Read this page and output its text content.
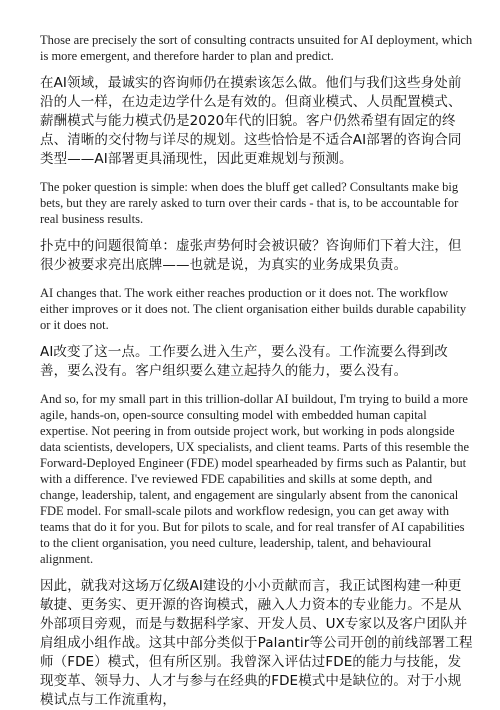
Those are precisely the sort of consulting contracts unsuited for AI deployment, which is more emergent, and therefore harder to plan and predict.

在AI领域，最诚实的咨询师仍在摸索该怎么做。他们与我们这些身处前沿的人一样，在边走边学什么是有效的。但商业模式、人员配置模式、薪酬模式与能力模式仍是2020年代的旧貌。客户仍然希望有固定的终点、清晰的交付物与详尽的规划。这些恰恰是不适合AI部署的咨询合同类型——AI部署更具涌现性，因此更难规划与预测。

The poker question is simple: when does the bluff get called? Consultants make big bets, but they are rarely asked to turn over their cards - that is, to be accountable for real business results.

扑克中的问题很简单：虚张声势何时会被识破？咨询师们下着大注，但很少被要求亮出底牌——也就是说，为真实的业务成果负责。

AI changes that. The work either reaches production or it does not. The workflow either improves or it does not. The client organisation either builds durable capability or it does not.

AI改变了这一点。工作要么进入生产，要么没有。工作流要么得到改善，要么没有。客户组织要么建立起持久的能力，要么没有。

And so, for my small part in this trillion-dollar AI buildout, I'm trying to build a more agile, hands-on, open-source consulting model with embedded human capital expertise. Not peering in from outside project work, but working in pods alongside data scientists, developers, UX specialists, and client teams. Parts of this resemble the Forward-Deployed Engineer (FDE) model spearheaded by firms such as Palantir, but with a difference. I've reviewed FDE capabilities and skills at some depth, and change, leadership, talent, and engagement are singularly absent from the canonical FDE model. For small-scale pilots and workflow redesign, you can get away with teams that do it for you. But for pilots to scale, and for real transfer of AI capabilities to the client organisation, you need culture, leadership, talent, and behavioural alignment.

因此，就我对这场万亿级AI建设的小小贡献而言，我正试图构建一种更敏捷、更务实、更开源的咨询模式，融入人力资本的专业能力。不是从外部项目旁观，而是与数据科学家、开发人员、UX专家以及客户团队并肩组成小组作战。这其中部分类似于Palantir等公司开创的前线部署工程师（FDE）模式，但有所区别。我曾深入评估过FDE的能力与技能，发现变革、领导力、人才与参与在经典的FDE模式中是缺位的。对于小规模试点与工作流重构，
